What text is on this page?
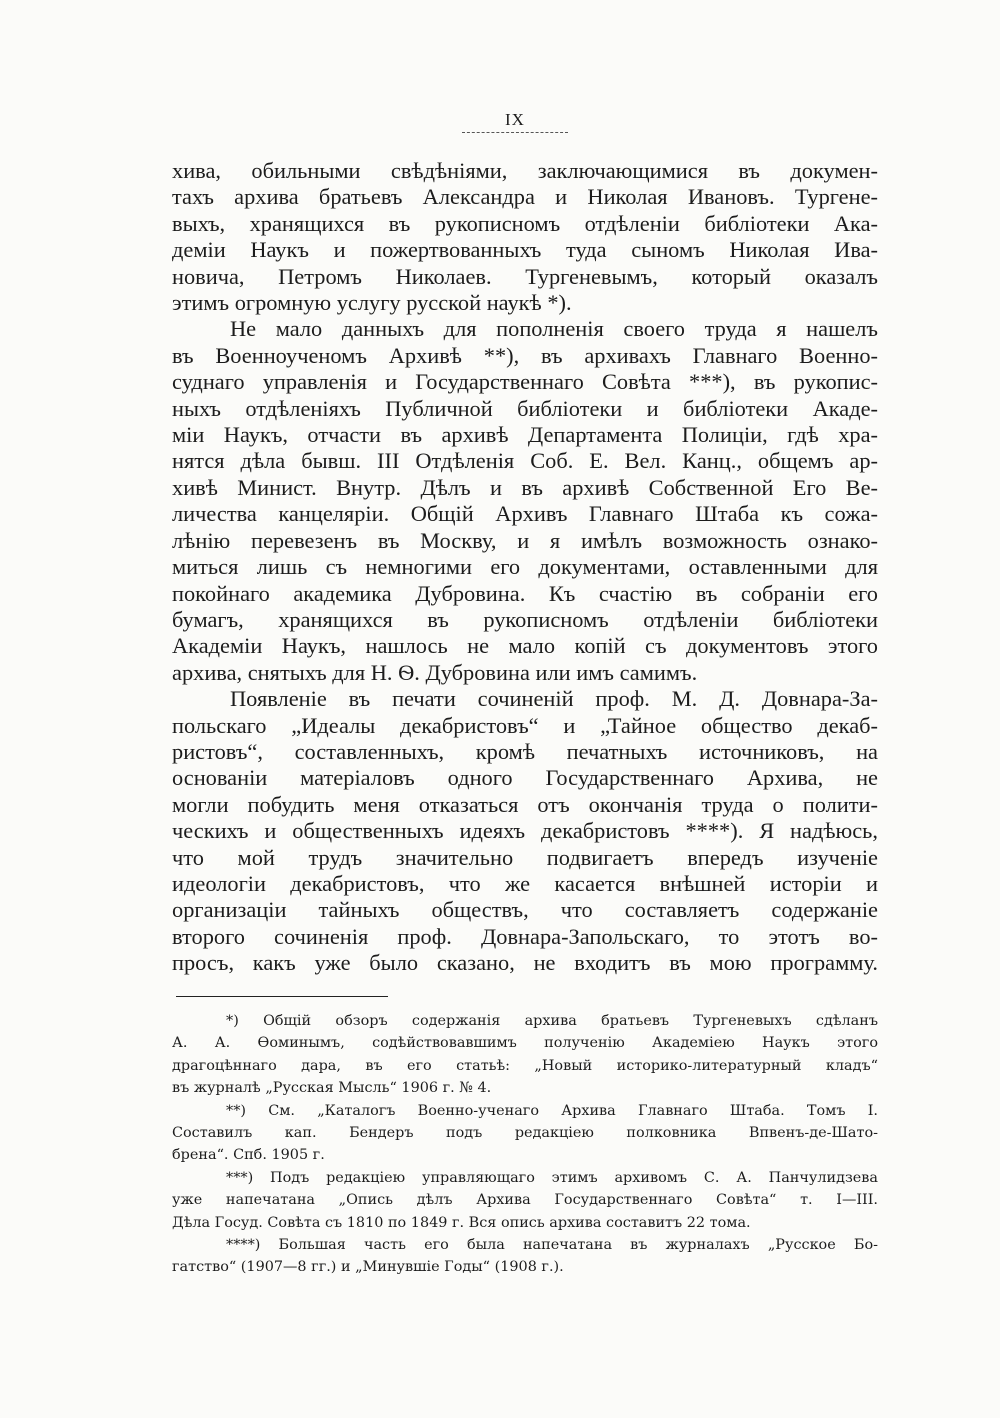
IX
хива, обильными свѣдѣніями, заключающимися въ докумен-
тахъ архива братьевъ Александра и Николая Ивановъ. Тургене-
выхъ, хранящихся въ рукописномъ отдѣленіи библіотеки Ака-
деміи Наукъ и пожертвованныхъ туда сыномъ Николая Ива-
новича, Петромъ Николаев. Тургеневымъ, который оказалъ
этимъ огромную услугу русской наукѣ *).
Не мало данныхъ для пополненія своего труда я нашелъ
въ Военноученомъ Архивѣ **), въ архивахъ Главнаго Военно-
суднаго управленія и Государственнаго Совѣта ***), въ рукопис-
ныхъ отдѣленіяхъ Публичной библіотеки и библіотеки Акаде-
міи Наукъ, отчасти въ архивѣ Департамента Полиціи, гдѣ хра-
нятся дѣла бывш. III Отдѣленія Соб. Е. Вел. Канц., общемъ ар-
хивѣ Минист. Внутр. Дѣлъ и въ архивѣ Собственной Его Ве-
личества канцеляріи. Общій Архивъ Главнаго Штаба къ сожа-
лѣнію перевезенъ въ Москву, и я имѣлъ возможность ознако-
миться лишь съ немногими его документами, оставленными для
покойнаго академика Дубровина. Къ счастію въ собраніи его
бумагъ, хранящихся въ рукописномъ отдѣленіи библіотеки
Академіи Наукъ, нашлось не мало копій съ документовъ этого
архива, снятыхъ для Н. Ѳ. Дубровина или имъ самимъ.
Появленіе въ печати сочиненій проф. М. Д. Довнара-За-
польскаго „Идеалы декабристовъ“ и „Тайное общество декаб-
ристовъ“, составленныхъ, кромѣ печатныхъ источниковъ, на
основаніи матеріаловъ одного Государственнаго Архива, не
могли побудить меня отказаться отъ окончанія труда о полити-
ческихъ и общественныхъ идеяхъ декабристовъ ****). Я надѣюсь,
что мой трудъ значительно подвигаетъ впередъ изученіе
идеологіи декабристовъ, что же касается внѣшней исторіи и
организаціи тайныхъ обществъ, что составляетъ содержаніе
второго сочиненія проф. Довнара-Запольскаго, то этотъ во-
просъ, какъ уже было сказано, не входитъ въ мою программу.
*) Общій обзоръ содержанія архива братьевъ Тургеневыхъ сдѣланъ
А. А. Ѳоминымъ, содѣйствовавшимъ полученію Академіею Наукъ этого
драгоцѣннаго дара, въ его статьѣ: „Новый историко-литературный кладъ“
въ журналѣ „Русская Мысль“ 1906 г. № 4.
**) См. „Каталогъ Военно-ученаго Архива Главнаго Штаба. Томъ I.
Составилъ кап. Бендеръ подъ редакціею полковника Впвенъ-де-Шато-
брена“. Спб. 1905 г.
***) Подъ редакціею управляющаго этимъ архивомъ С. А. Панчулидзева
уже напечатана „Опись дѣлъ Архива Государственнаго Совѣта“ т. I—III.
Дѣла Госуд. Совѣта съ 1810 по 1849 г. Вся опись архива составитъ 22 тома.
****) Большая часть его была напечатана въ журналахъ „Русское Бо-
гатство“ (1907—8 гг.) и „Минувшіе Годы“ (1908 г.).
